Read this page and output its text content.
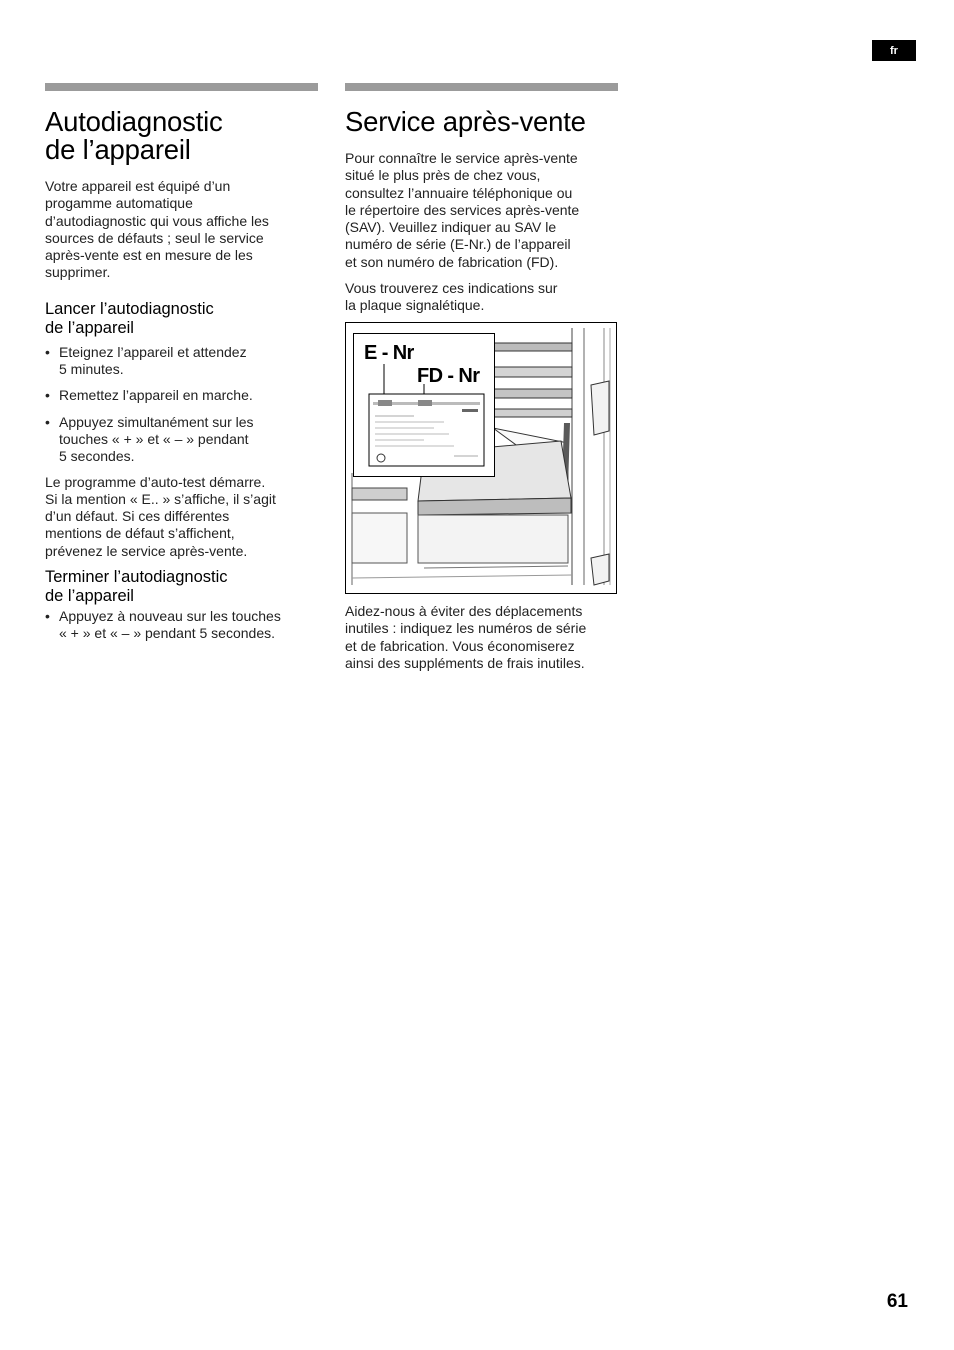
fr
Autodiagnostic
de l’appareil

Votre appareil est équipé d’un
progamme automatique
d’autodiagnostic qui vous affiche les
sources de défauts ; seul le service
après-vente est en mesure de les
supprimer.

Lancer l’autodiagnostic
de l’appareil
• Eteignez l’appareil et attendez
5 minutes.
• Remettez l’appareil en marche.
• Appuyez simultanément sur les
touches « + » et « – » pendant
5 secondes.

Le programme d’auto-test démarre.
Si la mention « E.. » s’affiche, il s’agit
d’un défaut. Si ces différentes
mentions de défaut s’affichent,
prévenez le service après-vente.

Terminer l’autodiagnostic
de l’appareil
• Appuyez à nouveau sur les touches
« + » et « – » pendant 5 secondes.
Service après-vente

Pour connaître le service après-vente
situé le plus près de chez vous,
consultez l’annuaire téléphonique ou
le répertoire des services après-vente
(SAV). Veuillez indiquer au SAV le
numéro de série (E-Nr.) de l’appareil
et son numéro de fabrication (FD).

Vous trouverez ces indications sur
la plaque signalétique.

E - Nr
FD - Nr

Aidez-nous à éviter des déplacements
inutiles : indiquez les numéros de série
et de fabrication. Vous économiserez
ainsi des suppléments de frais inutiles.

61
